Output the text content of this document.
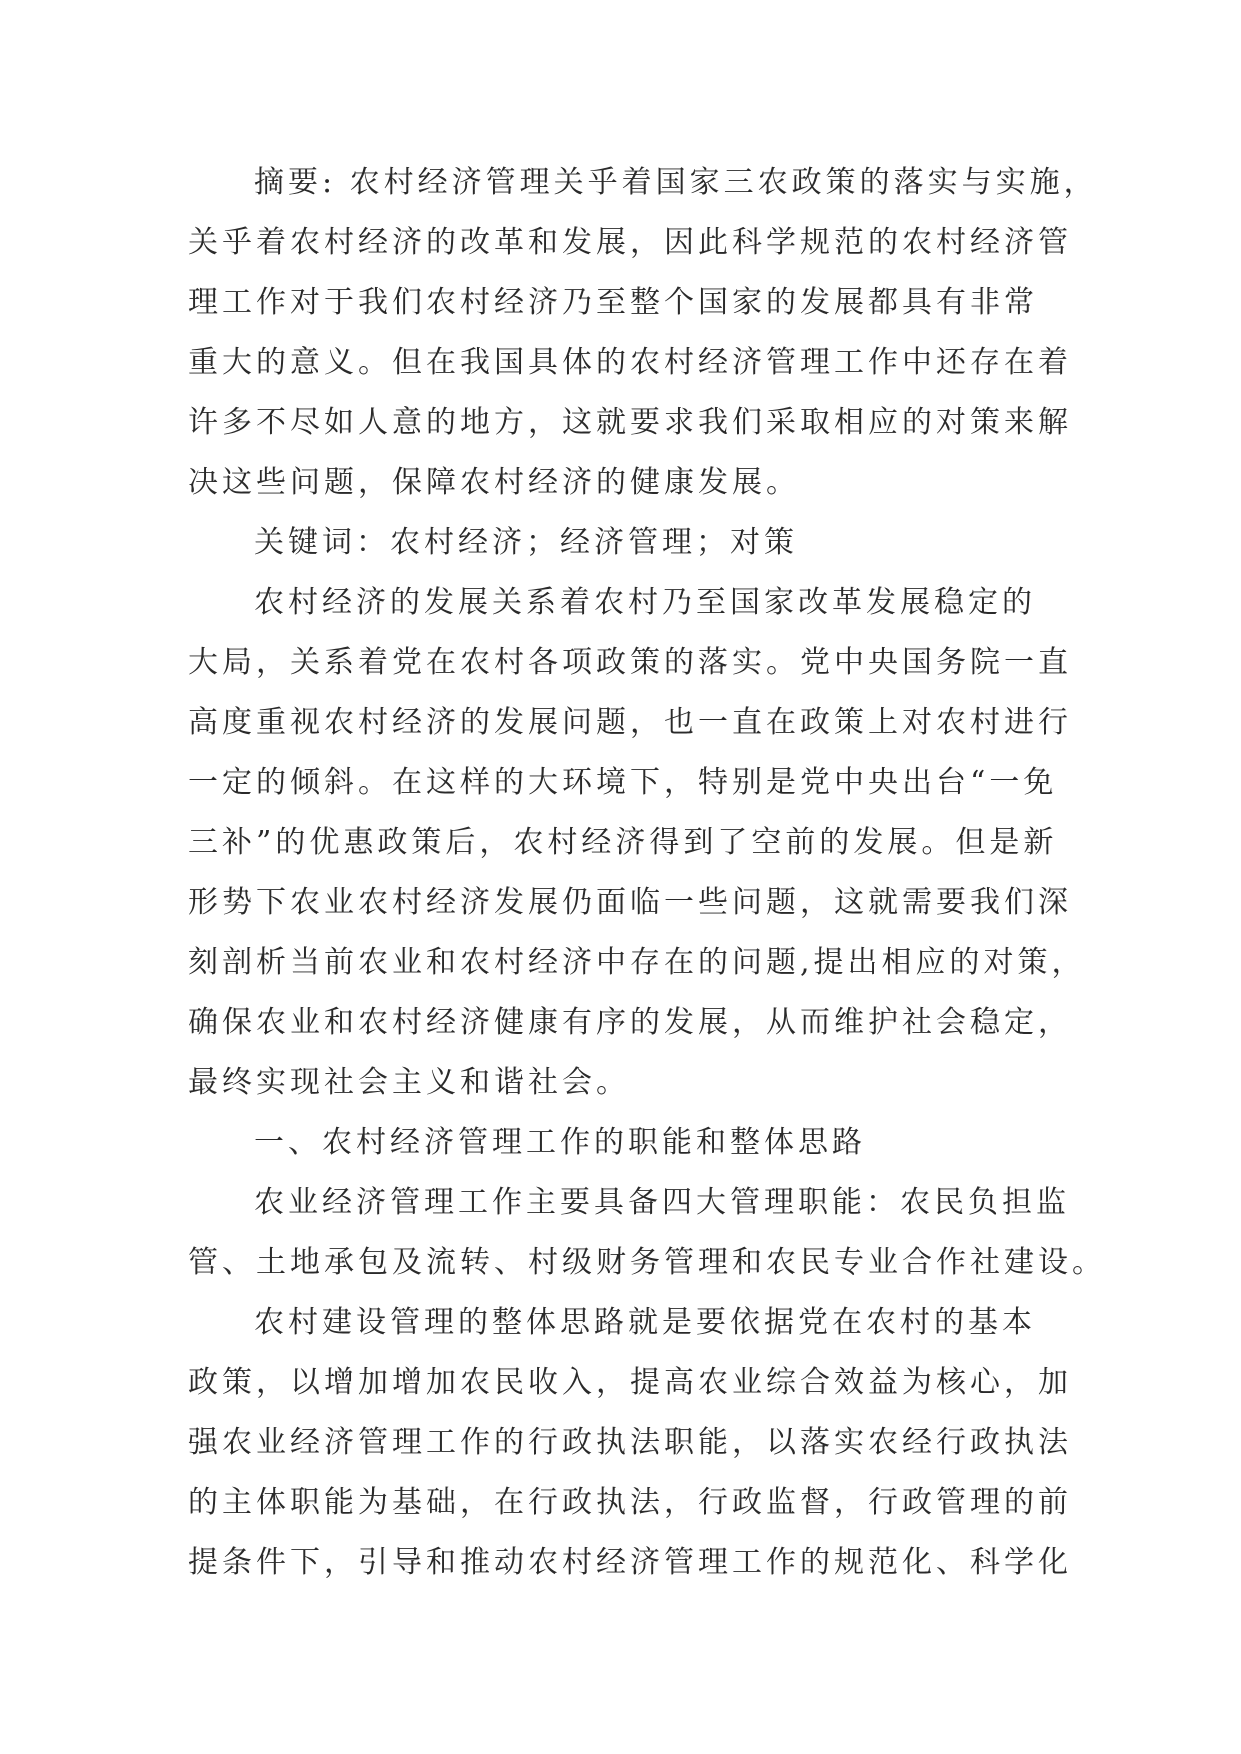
摘要: 农村经济管理关乎着国家三农政策的落实与实施，
关乎着农村经济的改革和发展，因此科学规范的农村经济管
理工作对于我们农村经济乃至整个国家的发展都具有非常
重大的意义。但在我国具体的农村经济管理工作中还存在着
许多不尽如人意的地方，这就要求我们采取相应的对策来解
决这些问题，保障农村经济的健康发展。

关键词：农村经济；经济管理；对策

农村经济的发展关系着农村乃至国家改革发展稳定的
大局，关系着党在农村各项政策的落实。党中央国务院一直
高度重视农村经济的发展问题，也一直在政策上对农村进行
一定的倾斜。在这样的大环境下，特别是党中央出台“一免
三补”的优惠政策后，农村经济得到了空前的发展。但是新
形势下农业农村经济发展仍面临一些问题，这就需要我们深
刻剖析当前农业和农村经济中存在的问题,提出相应的对策，
确保农业和农村经济健康有序的发展，从而维护社会稳定，
最终实现社会主义和谐社会。

一、农村经济管理工作的职能和整体思路

农业经济管理工作主要具备四大管理职能：农民负担监
管、土地承包及流转、村级财务管理和农民专业合作社建设。

农村建设管理的整体思路就是要依据党在农村的基本
政策，以增加增加农民收入，提高农业综合效益为核心，加
强农业经济管理工作的行政执法职能，以落实农经行政执法
的主体职能为基础，在行政执法，行政监督，行政管理的前
提条件下，引导和推动农村经济管理工作的规范化、科学化
